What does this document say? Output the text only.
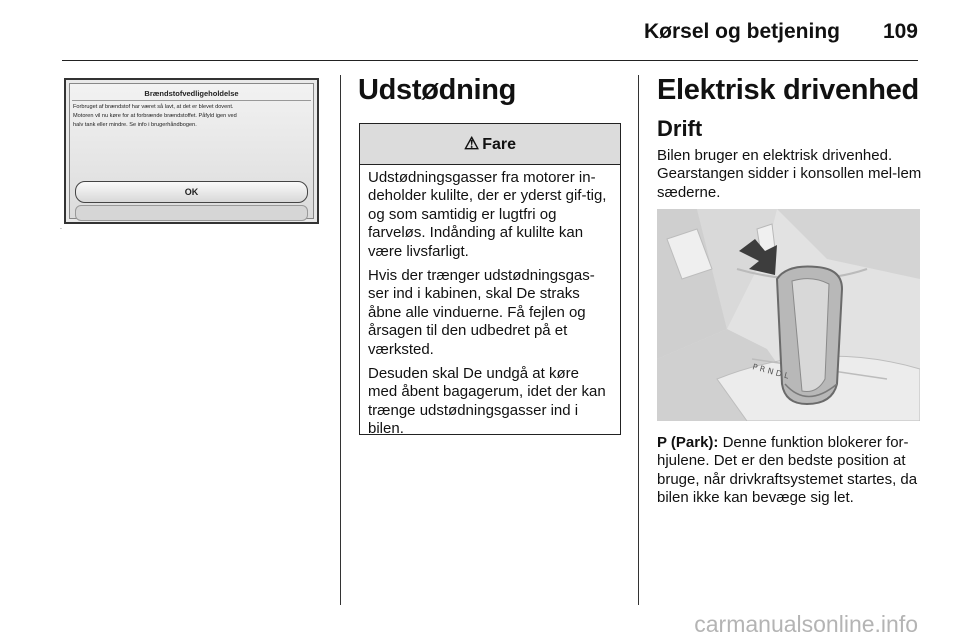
Kørsel og betjening 109
Brændstofvedligeholdelse

Forbruget af brændstof har været så lavt, at det er blevet dovent.

Motoren vil nu køre for at forbrænde brændstoffet. Påfyld igen ved

halv tank eller mindre. Se info i brugerhåndbogen.

OK
.
Udstødning
⚠ Fare

Udstødningsgasser fra motorer in-deholder kulilte, der er yderst gif-tig, og som samtidig er lugtfri og farveløs. Indånding af kulilte kan være livsfarligt.

Hvis der trænger udstødningsgas-ser ind i kabinen, skal De straks åbne alle vinduerne. Få fejlen og årsagen til den udbedret på et værksted.

Desuden skal De undgå at køre med åbent bagagerum, idet der kan trænge udstødningsgasser ind i bilen.

Elektrisk drivenhed
Drift
Bilen bruger en elektrisk drivenhed. Gearstangen sidder i konsollen mel-lem sæderne.
P R N D L
P (Park): Denne funktion blokerer for-hjulene. Det er den bedste position at bruge, når drivkraftsystemet startes, da bilen ikke kan bevæge sig let.
carmanualsonline.info
